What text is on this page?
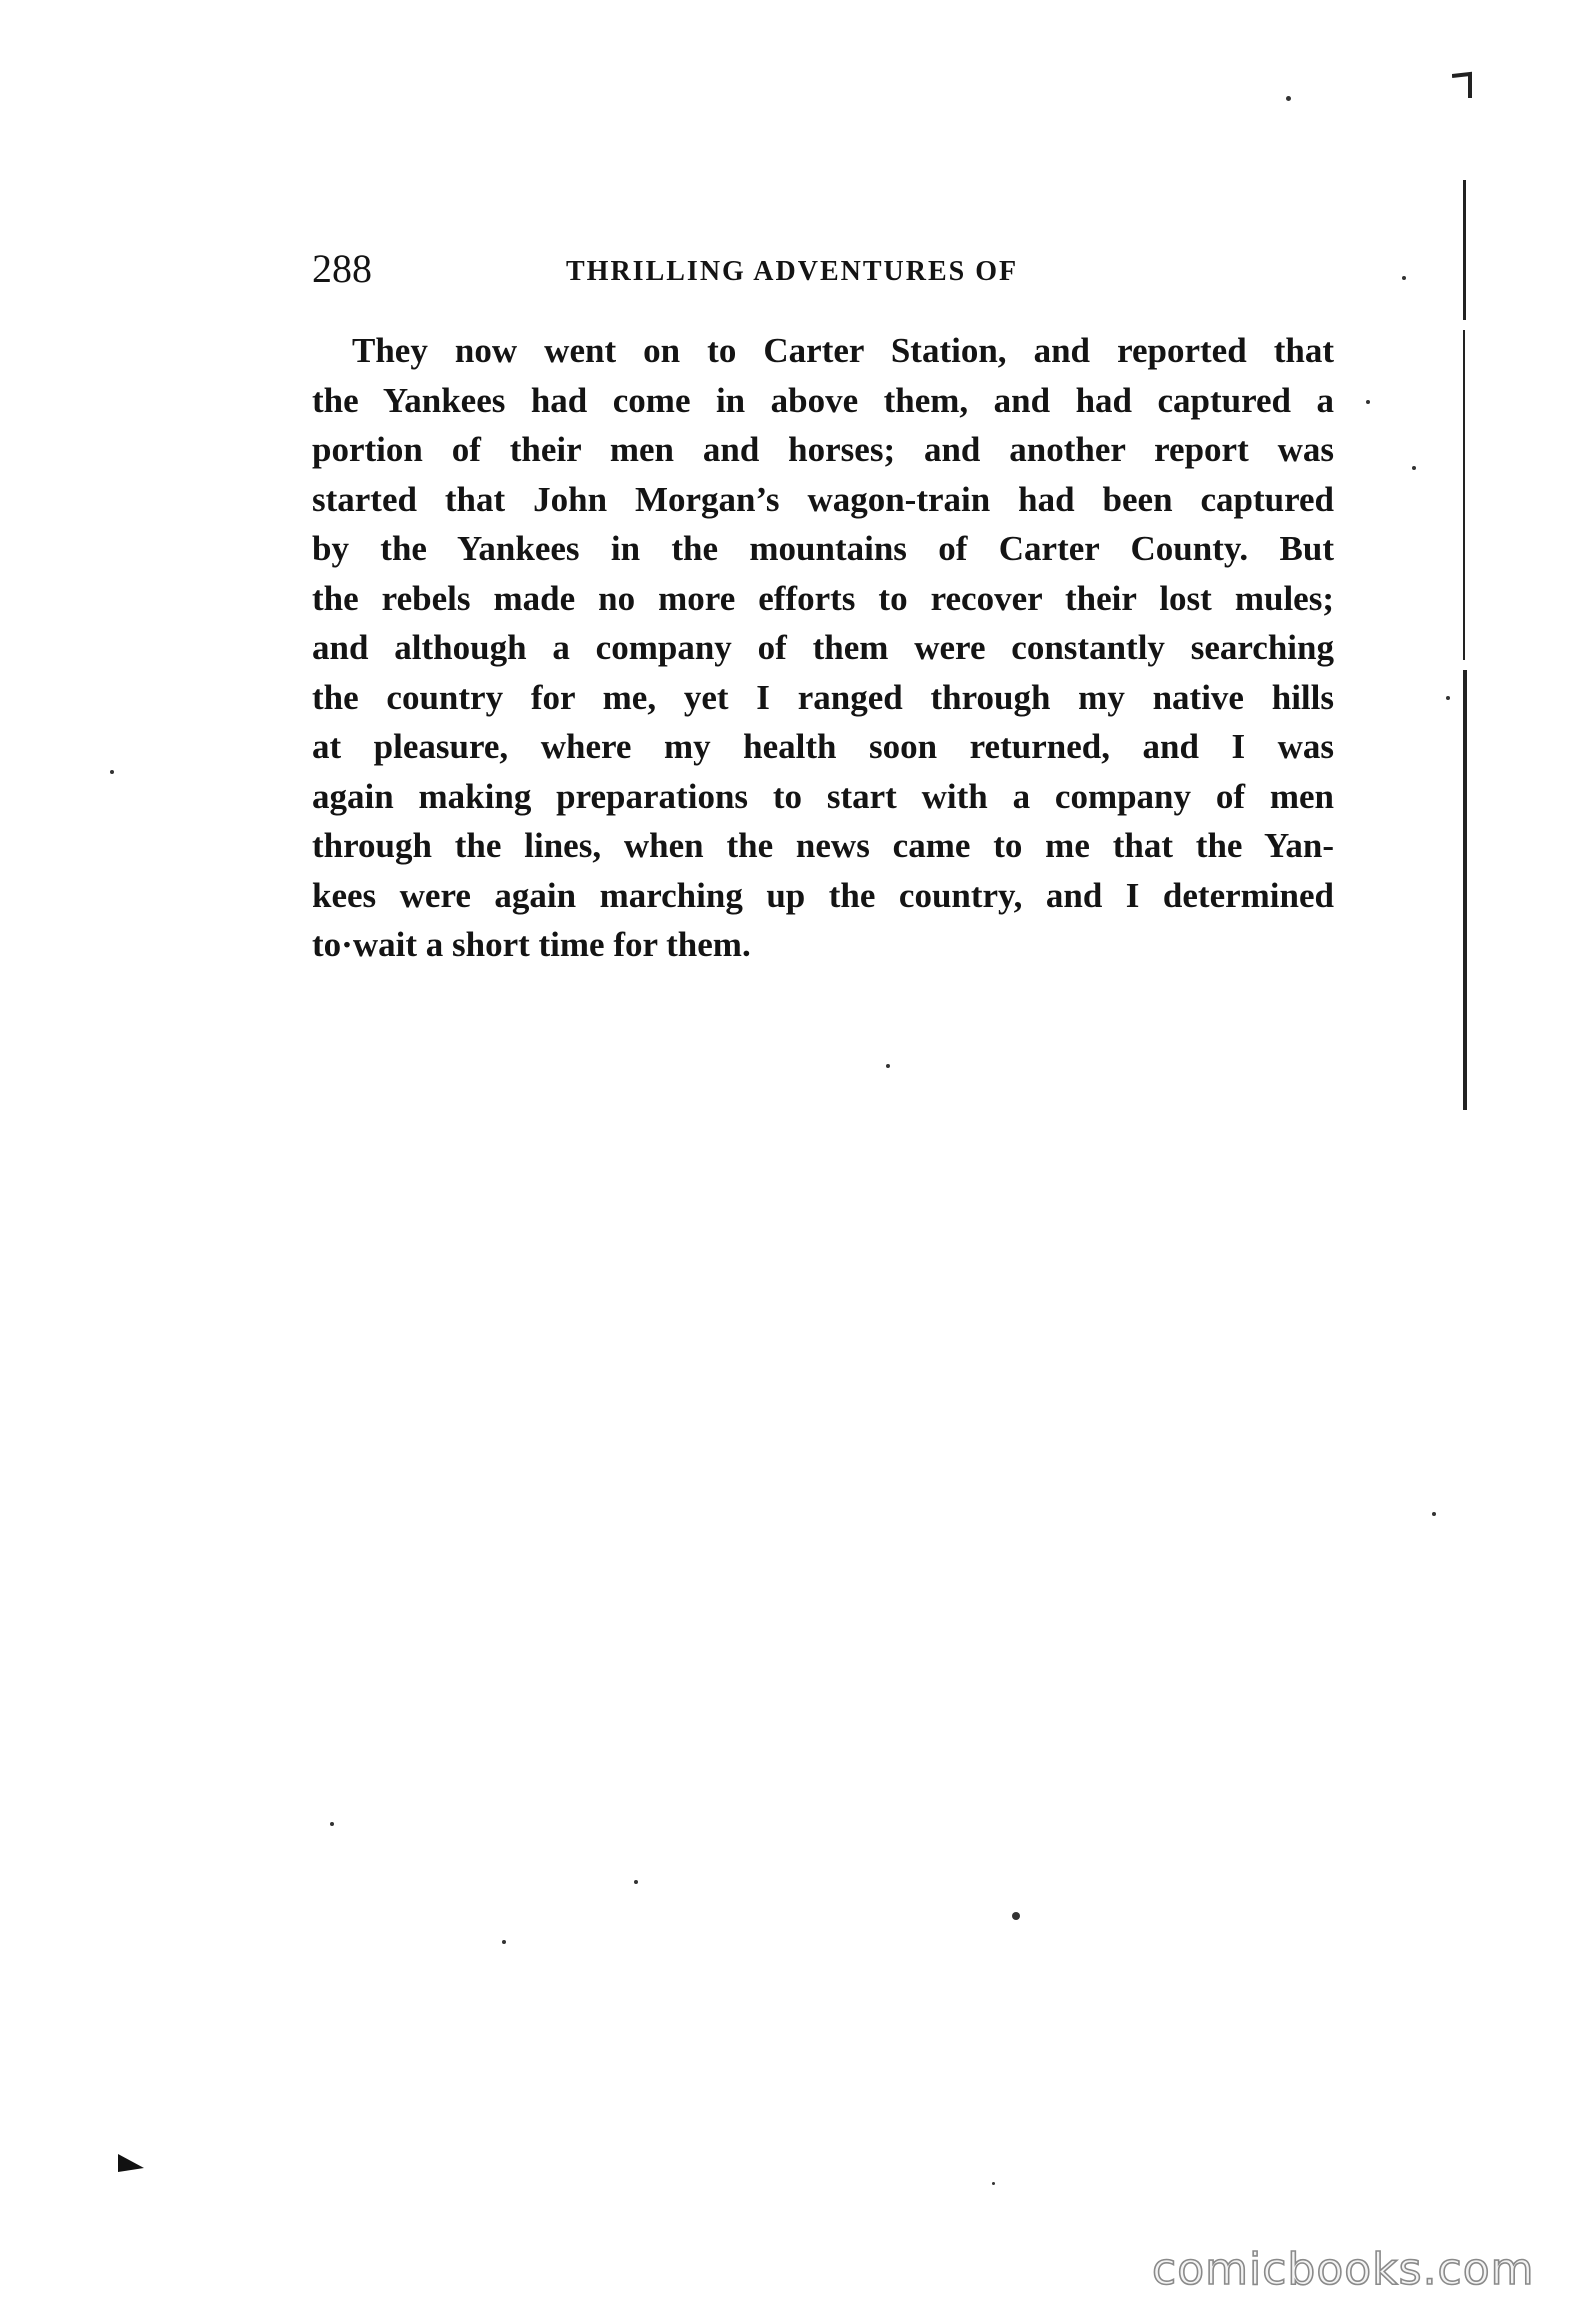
288	THRILLING ADVENTURES OF
They now went on to Carter Station, and reported that
the Yankees had come in above them, and had captured a
portion of their men and horses; and another report was
started that John Morgan’s wagon-train had been captured
by the Yankees in the mountains of Carter County. But
the rebels made no more efforts to recover their lost mules;
and although a company of them were constantly searching
the country for me, yet I ranged through my native hills
at pleasure, where my health soon returned, and I was
again making preparations to start with a company of men
through the lines, when the news came to me that the Yan-
kees were again marching up the country, and I determined
to·wait a short time for them.
comicbooks.com
